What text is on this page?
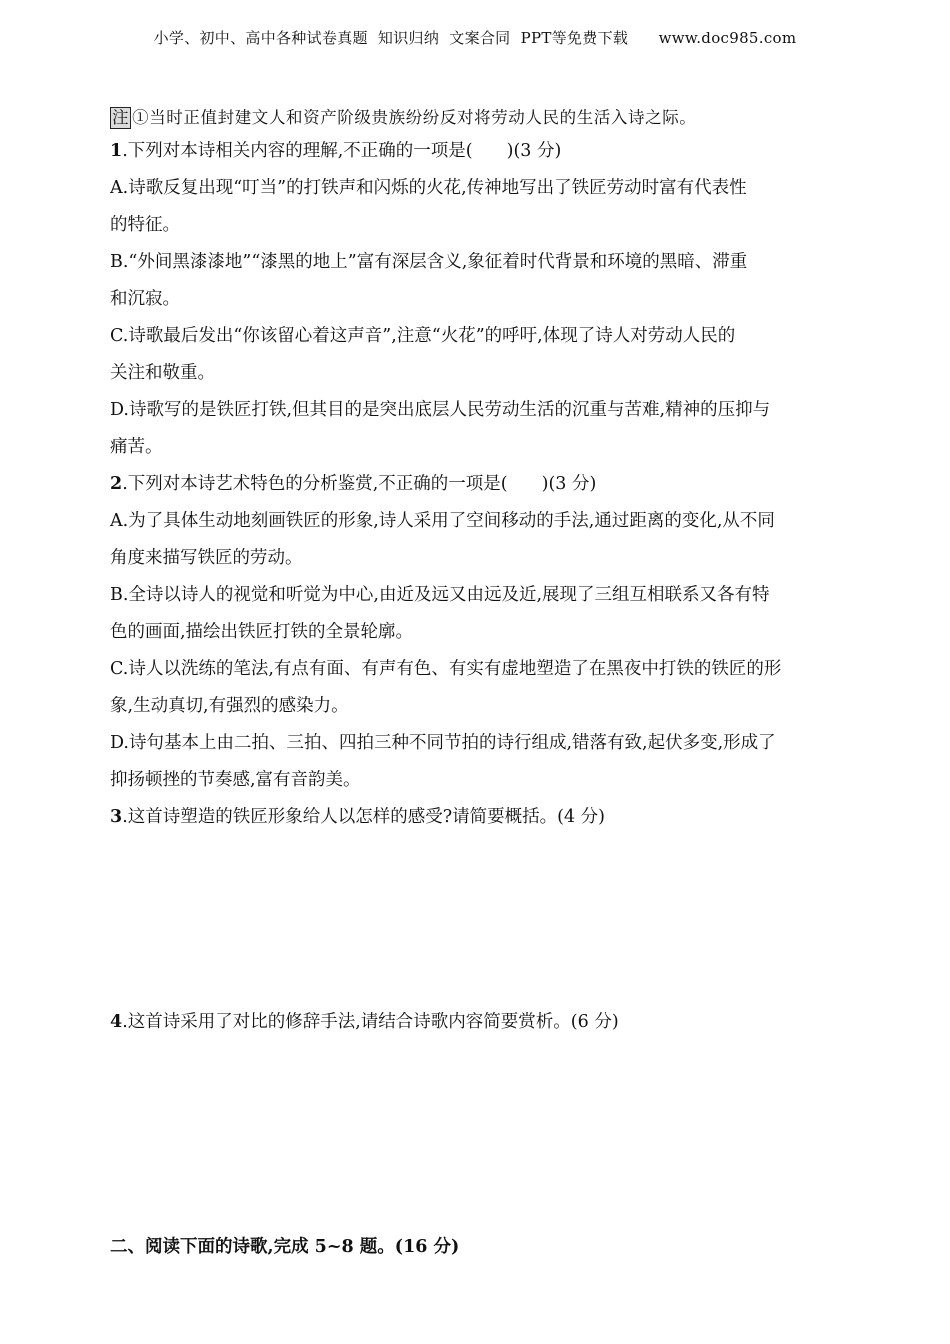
小学、初中、高中各种试卷真题  知识归纳  文案合同  PPT等免费下载      www.doc985.com
注 ①当时正值封建文人和资产阶级贵族纷纷反对将劳动人民的生活入诗之际。
1.下列对本诗相关内容的理解,不正确的一项是( )(3 分)
A.诗歌反复出现“叮当”的打铁声和闪烁的火花,传神地写出了铁匠劳动时富有代表性
的特征。
B.“外间黑漆漆地”“漆黑的地上”富有深层含义,象征着时代背景和环境的黑暗、滞重
和沉寂。
C.诗歌最后发出“你该留心着这声音”,注意“火花”的呼吁,体现了诗人对劳动人民的
关注和敬重。
D.诗歌写的是铁匠打铁,但其目的是突出底层人民劳动生活的沉重与苦难,精神的压抑与
痛苦。
2.下列对本诗艺术特色的分析鉴赏,不正确的一项是( )(3 分)
A.为了具体生动地刻画铁匠的形象,诗人采用了空间移动的手法,通过距离的变化,从不同
角度来描写铁匠的劳动。
B.全诗以诗人的视觉和听觉为中心,由近及远又由远及近,展现了三组互相联系又各有特
色的画面,描绘出铁匠打铁的全景轮廓。
C.诗人以洗练的笔法,有点有面、有声有色、有实有虚地塑造了在黑夜中打铁的铁匠的形
象,生动真切,有强烈的感染力。
D.诗句基本上由二拍、三拍、四拍三种不同节拍的诗行组成,错落有致,起伏多变,形成了
抑扬顿挫的节奏感,富有音韵美。
3.这首诗塑造的铁匠形象给人以怎样的感受?请简要概括。(4 分)
4.这首诗采用了对比的修辞手法,请结合诗歌内容简要赏析。(6 分)
二、阅读下面的诗歌,完成 5~8 题。(16 分)
